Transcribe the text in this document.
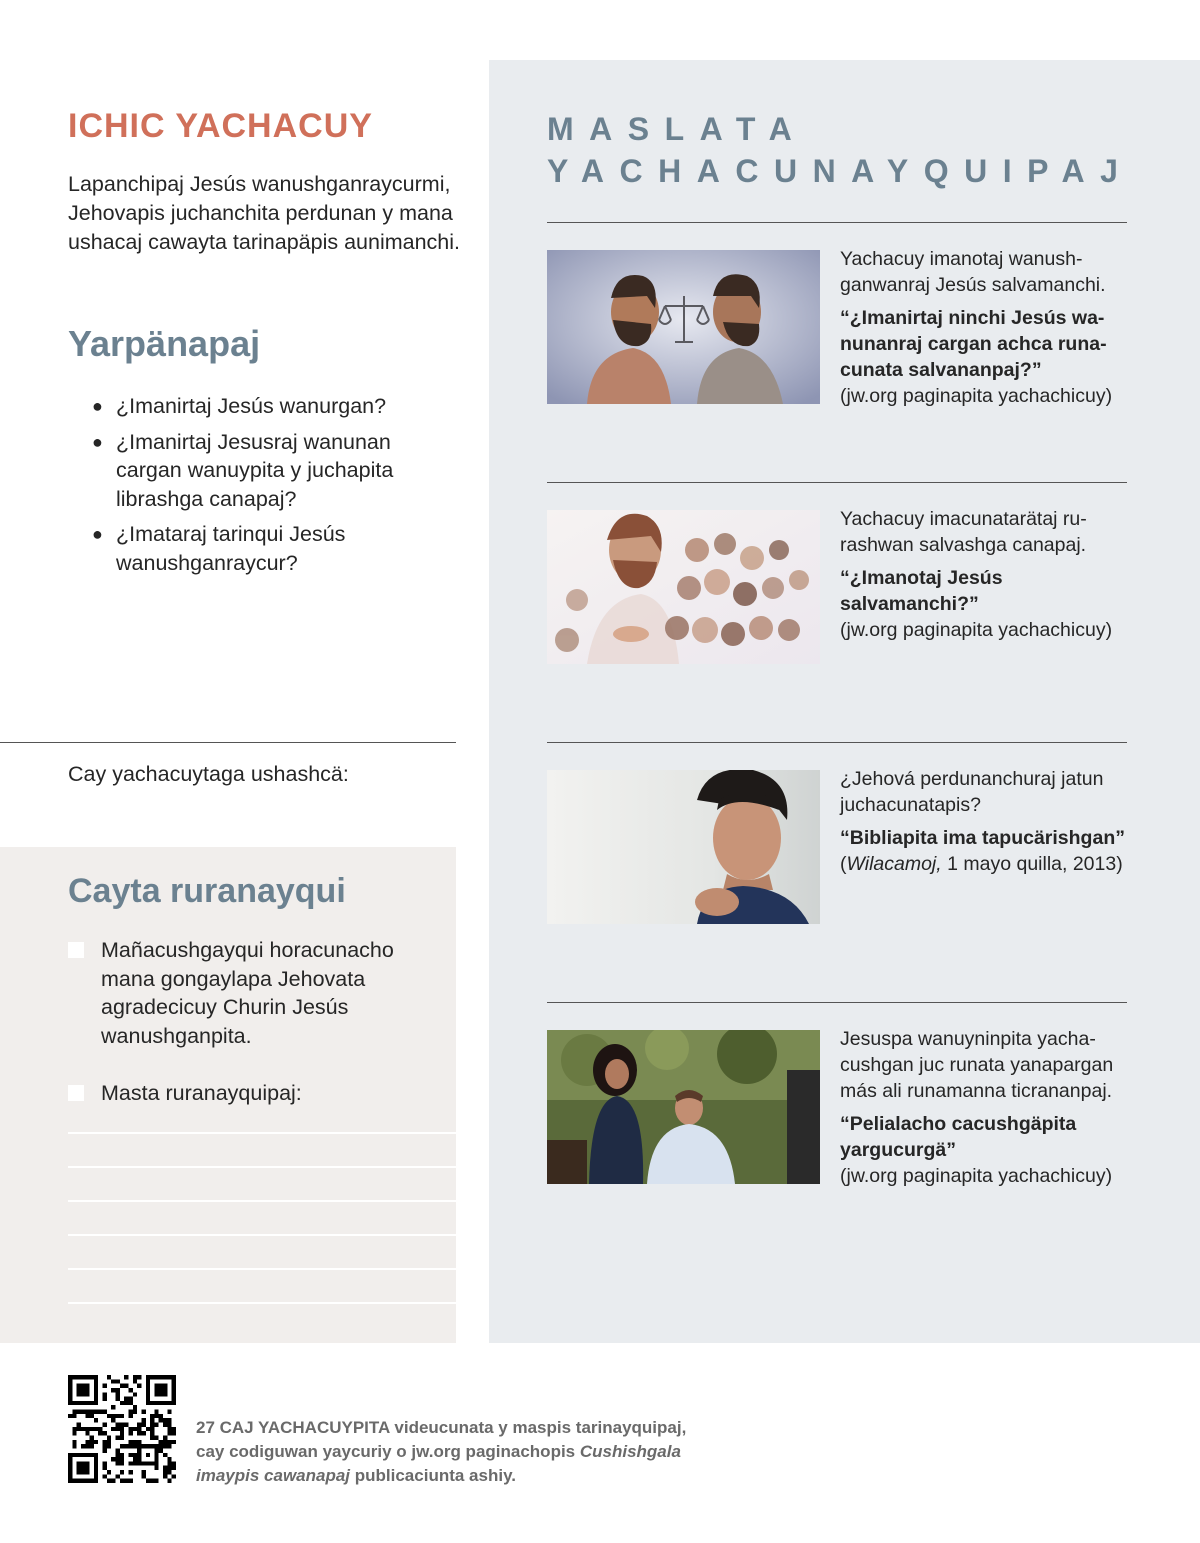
ICHIC YACHACUY
Lapanchipaj Jesús wanushganraycurmi, Jehovapis juchanchita perdunan y mana ushacaj cawayta tarinapäpis aunimanchi.
Yarpänapaj
● ¿Imanirtaj Jesús wanurgan?
● ¿Imanirtaj Jesusraj wanunan cargan wanuypita y juchapita librashga canapaj?
● ¿Imataraj tarinqui Jesús wanushganraycur?
Cay yachacuytaga ushashcä:
Cayta ruranayqui
Mañacushgayqui horacunacho mana gongaylapa Jehovata agradecicuy Churin Jesús wanushganpita.
Masta ruranayquipaj:
MASLATA
YACHACUNAYQUIPAJ
Yachacuy imanotaj wanushganwanraj Jesús salvamanchi.
“¿Imanirtaj ninchi Jesús wanunanraj cargan achca runacunata salvananpaj?”
(jw.org paginapita yachachicuy)
Yachacuy imacunatarätaj rurashwan salvashga canapaj.
“¿Imanotaj Jesús salvamanchi?”
(jw.org paginapita yachachicuy)
¿Jehová perdunanchuraj jatun juchacunatapis?
“Bibliapita ima tapucärishgan” (Wilacamoj, 1 mayo quilla, 2013)
Jesuspa wanuyninpita yachacushgan juc runata yanapargan más ali runamanna ticrananpaj.
“Pelialacho cacushgäpita yargucurgä”
(jw.org paginapita yachachicuy)
27 CAJ YACHACUYPITA videucunata y maspis tarinayquipaj, cay codiguwan yaycuriy o jw.org paginachopis Cushishgala imaypis cawanapaj publicaciunta ashiy.
